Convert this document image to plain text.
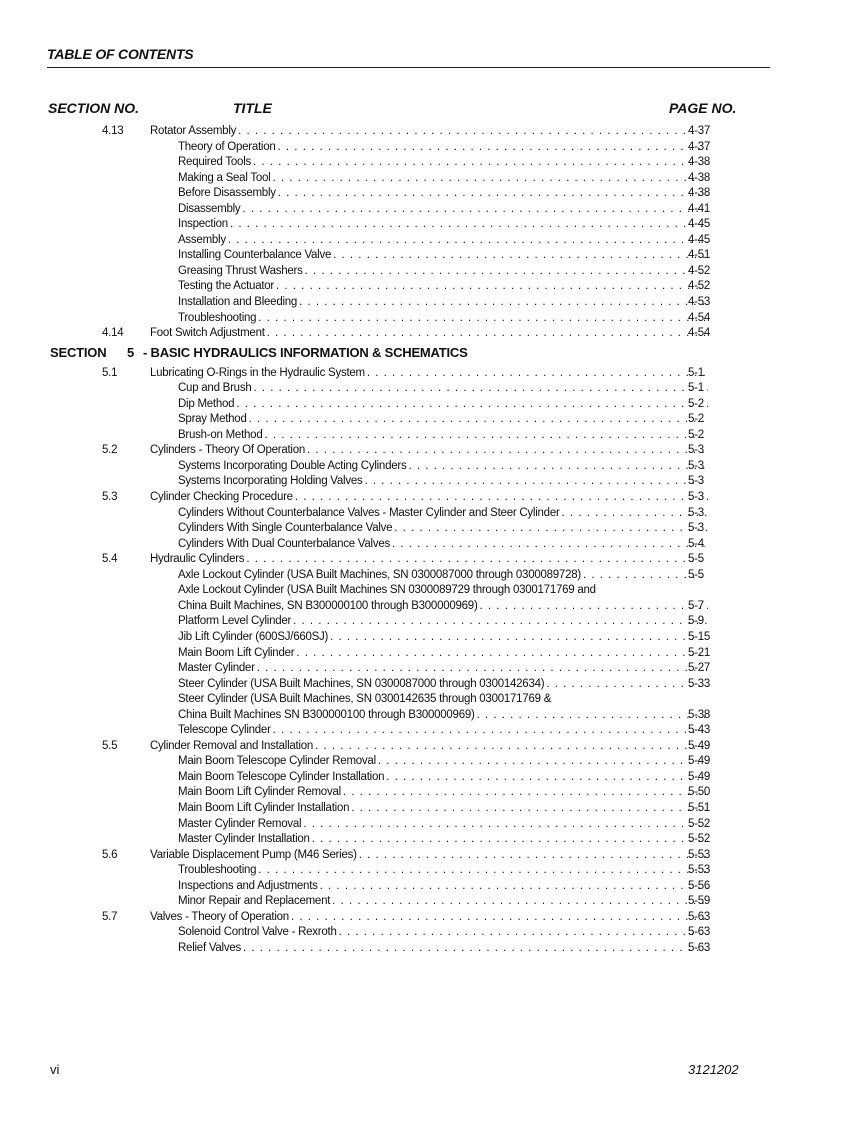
TABLE OF CONTENTS
SECTION NO.	TITLE	PAGE NO.
4.13 Rotator Assembly . . .	4-37
Theory of Operation . . .	4-37
Required Tools . . .	4-38
Making a Seal Tool . . .	4-38
Before Disassembly . . .	4-38
Disassembly . . .	4-41
Inspection . . .	4-45
Assembly . . .	4-45
Installing Counterbalance Valve . . .	4-51
Greasing Thrust Washers . . .	4-52
Testing the Actuator . . .	4-52
Installation and Bleeding . . .	4-53
Troubleshooting . . .	4-54
4.14 Foot Switch Adjustment . . .	4-54
SECTION 5 - BASIC HYDRAULICS INFORMATION & SCHEMATICS
5.1	Lubricating O-Rings in the Hydraulic System . . .	5-1
Cup and Brush . . .	5-1
Dip Method . . .	5-2
Spray Method . . .	5-2
Brush-on Method . . .	5-2
5.2	Cylinders - Theory Of Operation . . .	5-3
Systems Incorporating Double Acting Cylinders . . .	5-3
Systems Incorporating Holding Valves . . .	5-3
5.3	Cylinder Checking Procedure . . .	5-3
Cylinders Without Counterbalance Valves - Master Cylinder and Steer Cylinder . . .	5-3
Cylinders With Single Counterbalance Valve . . .	5-3
Cylinders With Dual Counterbalance Valves . . .	5-4
5.4	Hydraulic Cylinders . . .	5-5
Axle Lockout Cylinder (USA Built Machines, SN 0300087000 through 0300089728) . . .	5-5
Axle Lockout Cylinder (USA Built Machines SN 0300089729 through 0300171769 and
China Built Machines, SN B300000100 through B300000969) . . .	5-7
Platform Level Cylinder . . .	5-9
Jib Lift Cylinder (600SJ/660SJ) . . .	5-15
Main Boom Lift Cylinder . . .	5-21
Master Cylinder . . .	5-27
Steer Cylinder (USA Built Machines, SN 0300087000 through 0300142634) . . .	5-33
Steer Cylinder (USA Built Machines, SN 0300142635 through 0300171769 &
China Built Machines SN B300000100 through B300000969) . . .	5-38
Telescope Cylinder . . .	5-43
5.5	Cylinder Removal and Installation . . .	5-49
Main Boom Telescope Cylinder Removal . . .	5-49
Main Boom Telescope Cylinder Installation . . .	5-49
Main Boom Lift Cylinder Removal . . .	5-50
Main Boom Lift Cylinder Installation . . .	5-51
Master Cylinder Removal . . .	5-52
Master Cylinder Installation . . .	5-52
5.6	Variable Displacement Pump (M46 Series) . . .	5-53
Troubleshooting . . .	5-53
Inspections and Adjustments . . .	5-56
Minor Repair and Replacement . . .	5-59
5.7	Valves - Theory of Operation . . .	5-63
Solenoid Control Valve - Rexroth . . .	5-63
Relief Valves . . .	5-63
vi	3121202
